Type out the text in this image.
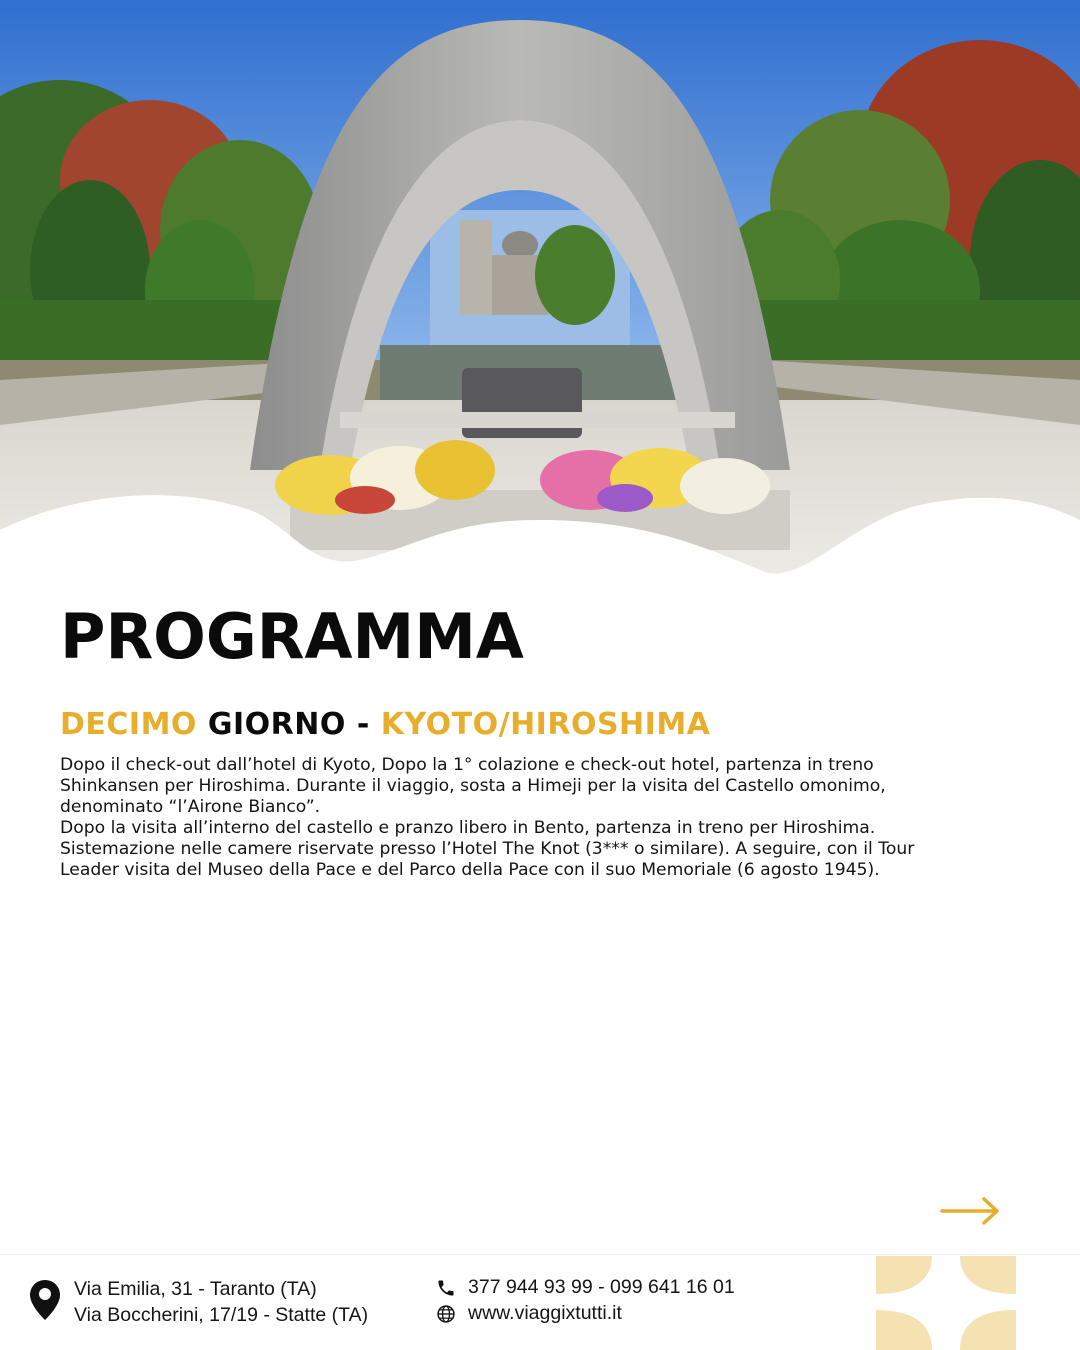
PROGRAMMA
DECIMO GIORNO - KYOTO/HIROSHIMA

Dopo il check-out dall’hotel di Kyoto, Dopo la 1° colazione e check-out hotel, partenza in treno

Shinkansen per Hiroshima. Durante il viaggio, sosta a Himeji per la visita del Castello omonimo,

denominato “l’Airone Bianco”.

Dopo la visita all’interno del castello e pranzo libero in Bento, partenza in treno per Hiroshima.

Sistemazione nelle camere riservate presso l’Hotel The Knot (3*** o similare). A seguire, con il Tour

Leader visita del Museo della Pace e del Parco della Pace con il suo Memoriale (6 agosto 1945).

Via Emilia, 31 - Taranto (TA)
Via Boccherini, 17/19 - Statte (TA)
377 944 93 99 - 099 641 16 01
www.viaggixtutti.it
